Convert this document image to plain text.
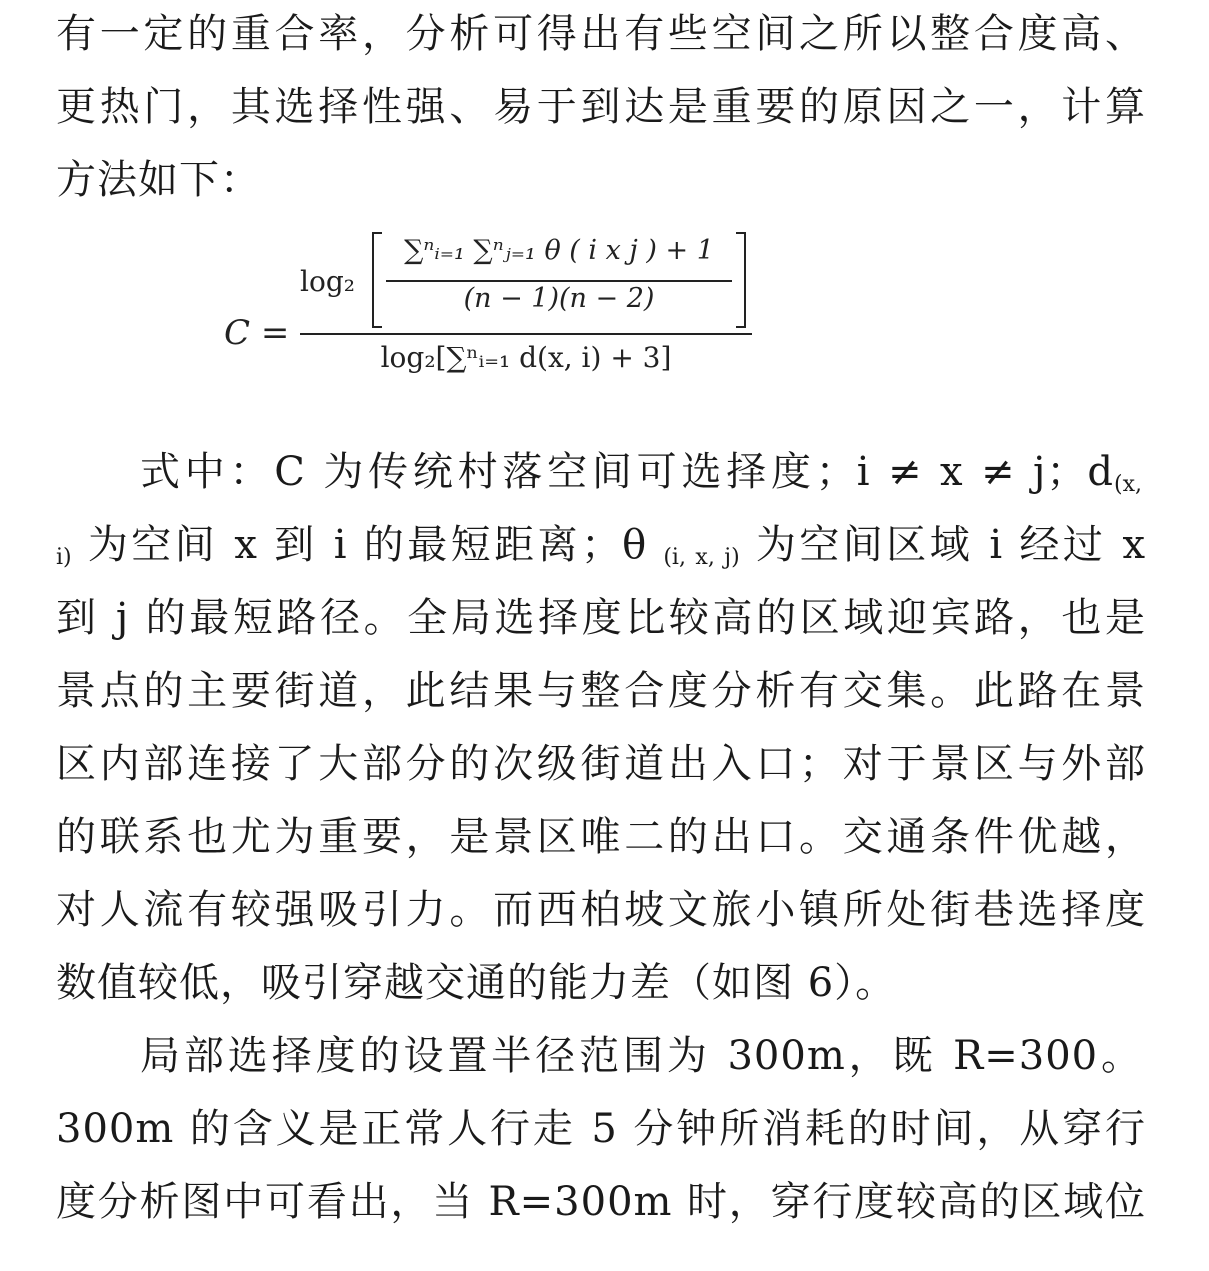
有一定的重合率，分析可得出有些空间之所以整合度高、
更热门，其选择性强、易于到达是重要的原因之一，计算
方法如下：
C =
log₂
∑ⁿᵢ₌₁ ∑ⁿⱼ₌₁ θ ( i x j ) + 1
(n − 1)(n − 2)
log₂[∑ⁿᵢ₌₁ d(x, i) + 3]
式中：C 为传统村落空间可选择度；i ≠ x ≠ j；$d_{(x,}$
$_{i)}$ 为空间 x 到 i 的最短距离；θ $_{(i, x, j)}$ 为空间区域 i 经过 x
到 j 的最短路径。全局选择度比较高的区域迎宾路，也是
景点的主要街道，此结果与整合度分析有交集。此路在景
区内部连接了大部分的次级街道出入口；对于景区与外部
的联系也尤为重要，是景区唯二的出口。交通条件优越，
对人流有较强吸引力。而西柏坡文旅小镇所处街巷选择度
数值较低，吸引穿越交通的能力差（如图 6）。
局部选择度的设置半径范围为 300m，既 R=300。
300m 的含义是正常人行走 5 分钟所消耗的时间，从穿行
度分析图中可看出，当 R=300m 时，穿行度较高的区域位
